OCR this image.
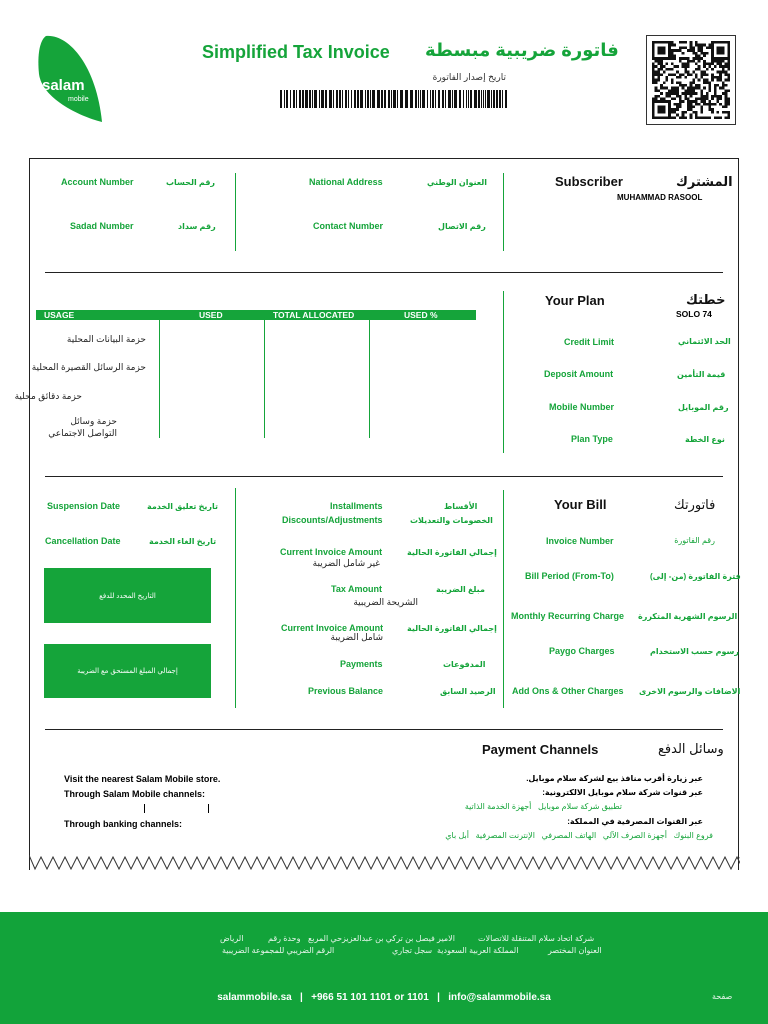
salam
mobile
Simplified Tax Invoice فاتورة ضريبية مبسطة
تاريخ إصدار الفاتورة
Account Number	رقم الحساب
Sadad Number	رقم سداد
National Address	العنوان الوطني
Contact Number	رقم الاتصال
Subscriber	المشترك
MUHAMMAD RASOOL
USAGE	USED	TOTAL ALLOCATED	USED %
حزمة البيانات المحلية
حزمة الرسائل القصيرة المحلية
حزمة دقائق محلية
حزمة وسائل التواصل الاجتماعي
Your Plan	خطتك
SOLO 74
Credit Limit	الحد الائتماني
Deposit Amount	قيمة التأمين
Mobile Number	رقم الموبايل
Plan Type	نوع الخطة
Suspension Date	تاريخ تعليق الخدمة
Cancellation Date	تاريخ الغاء الخدمة
التاريخ المحدد للدفع
إجمالي المبلغ المستحق مع الضريبة
Installments	الأقساط
Discounts/Adjustments	الخصومات والتعديلات
Current Invoice Amount	إجمالي الفاتورة الحالية
غير شامل الضريبة
Tax Amount	مبلغ الضريبة
الشريحة الضريبية
Current Invoice Amount	إجمالي الفاتورة الحالية
شامل الضريبة
Payments	المدفوعات
Previous Balance	الرصيد السابق
Your Bill	فاتورتك
Invoice Number	رقم الفاتورة
Bill Period (From-To)	فترة الفاتورة (من- إلى)
Monthly Recurring Charge الرسوم الشهرية المتكررة
Paygo Charges	رسوم حسب الاستخدام
Add Ons & Other Charges الاضافات والرسوم الاخرى
Payment Channels	وسائل الدفع
Visit the nearest Salam Mobile store.	عبر زيارة أقرب منافذ بيع لشركة سلام موبايل.
Through Salam Mobile channels:	عبر قنوات شركة سلام موبايل الالكترونية:
تطبيق شركة سلام موبايل   أجهزة الخدمة الذاتية
عبر القنوات المصرفية في المملكة:
Through banking channels:
فروع البنوك   أجهزة الصرف الآلي   الهاتف المصرفي   الإنترنت المصرفية   أبل باي
شركة اتحاد سلام المتنقلة للاتصالات
الامير فيصل بن تركي بن عبدالعزيز
حي المربع
وحدة رقم
الرياض
العنوان المختصر
المملكة العربية السعودية
سجل تجاري
الرقم الضريبي للمجموعة الضريبية
salammobile.sa   |   +966 51 101 1101 or 1101   |   info@salammobile.sa	صفحة
